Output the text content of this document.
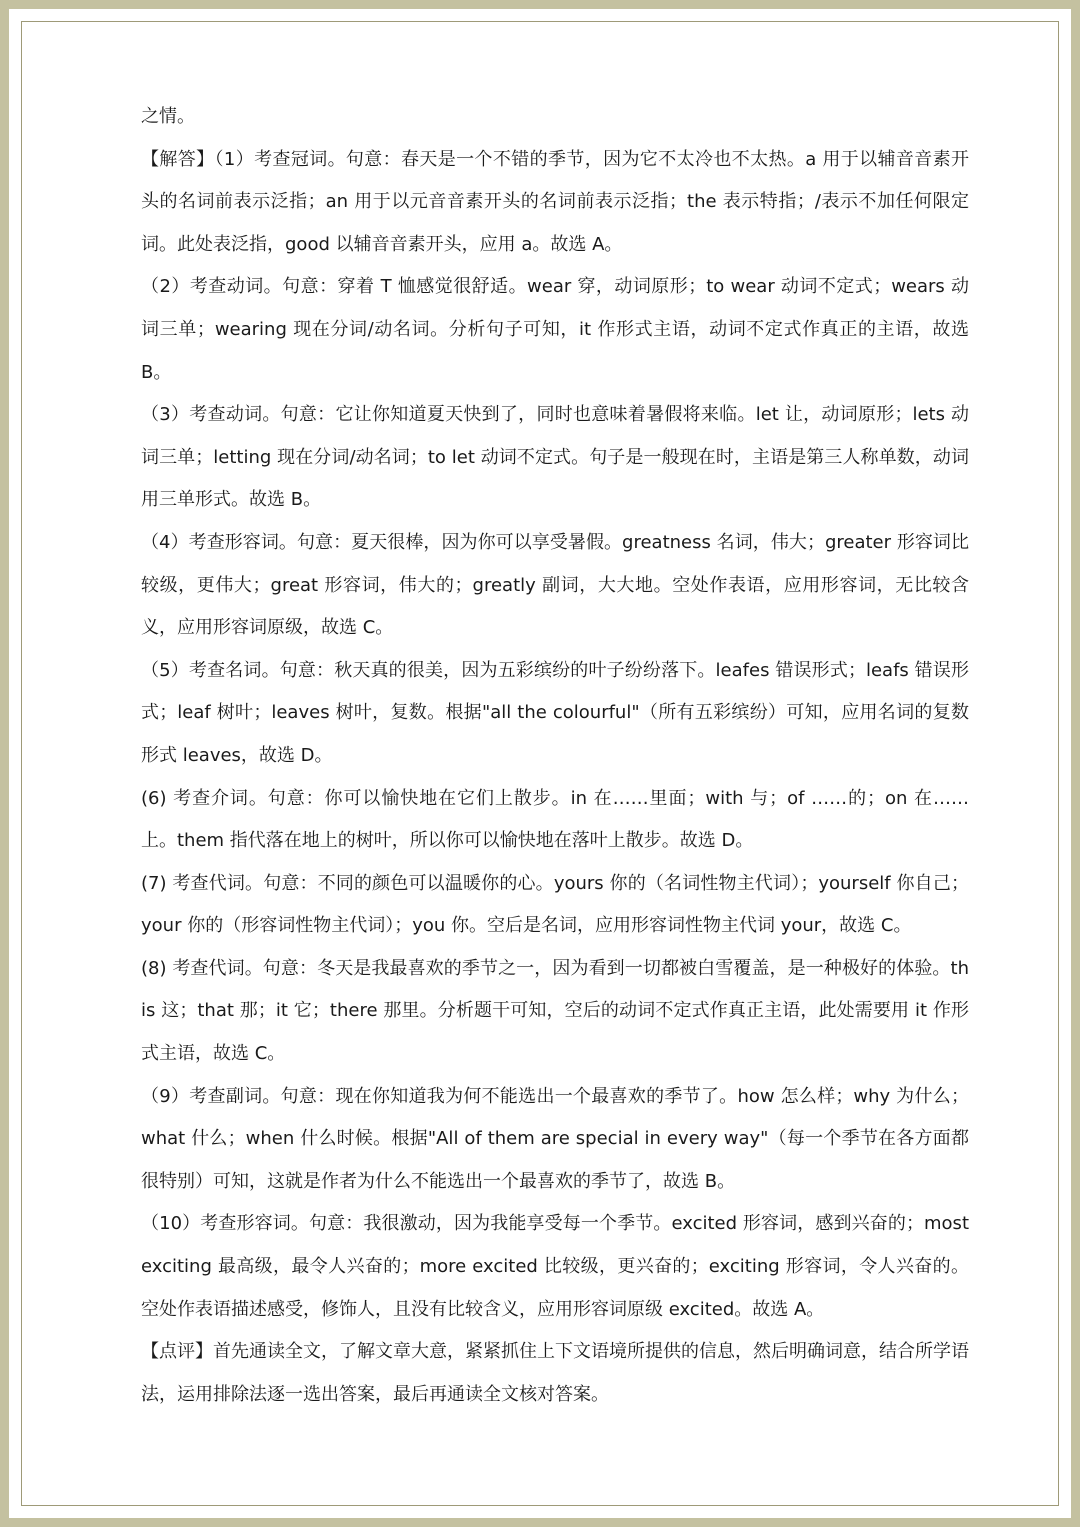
之情。

【解答】（1）考查冠词。句意：春天是一个不错的季节，因为它不太冷也不太热。a 用于以辅音音素开头的名词前表示泛指；an 用于以元音音素开头的名词前表示泛指；the 表示特指；/表示不加任何限定词。此处表泛指，good 以辅音音素开头，应用 a。故选 A。

（2）考查动词。句意：穿着 T 恤感觉很舒适。wear 穿，动词原形；to wear 动词不定式；wears 动词三单；wearing 现在分词/动名词。分析句子可知，it 作形式主语，动词不定式作真正的主语，故选 B。

（3）考查动词。句意：它让你知道夏天快到了，同时也意味着暑假将来临。let 让，动词原形；lets 动词三单；letting 现在分词/动名词；to let 动词不定式。句子是一般现在时，主语是第三人称单数，动词用三单形式。故选 B。

（4）考查形容词。句意：夏天很棒，因为你可以享受暑假。greatness 名词，伟大；greater 形容词比较级，更伟大；great 形容词，伟大的；greatly 副词，大大地。空处作表语，应用形容词，无比较含义，应用形容词原级，故选 C。

（5）考查名词。句意：秋天真的很美，因为五彩缤纷的叶子纷纷落下。leafes 错误形式；leafs 错误形式；leaf 树叶；leaves 树叶，复数。根据"all the colourful"（所有五彩缤纷）可知，应用名词的复数形式 leaves，故选 D。

(6) 考查介词。句意：你可以愉快地在它们上散步。in 在……里面；with 与；of ……的；on 在……上。them 指代落在地上的树叶，所以你可以愉快地在落叶上散步。故选 D。

(7) 考查代词。句意：不同的颜色可以温暖你的心。yours 你的（名词性物主代词）；yourself 你自己；your 你的（形容词性物主代词）；you 你。空后是名词，应用形容词性物主代词 your，故选 C。

(8) 考查代词。句意：冬天是我最喜欢的季节之一，因为看到一切都被白雪覆盖，是一种极好的体验。this 这；that 那；it 它；there 那里。分析题干可知，空后的动词不定式作真正主语，此处需要用 it 作形式主语，故选 C。

（9）考查副词。句意：现在你知道我为何不能选出一个最喜欢的季节了。how 怎么样；why 为什么；what 什么；when 什么时候。根据"All of them are special in every way"（每一个季节在各方面都很特别）可知，这就是作者为什么不能选出一个最喜欢的季节了，故选 B。

（10）考查形容词。句意：我很激动，因为我能享受每一个季节。excited 形容词，感到兴奋的；most exciting 最高级，最令人兴奋的；more excited 比较级，更兴奋的；exciting 形容词，令人兴奋的。空处作表语描述感受，修饰人，且没有比较含义，应用形容词原级 excited。故选 A。

【点评】首先通读全文，了解文章大意，紧紧抓住上下文语境所提供的信息，然后明确词意，结合所学语法，运用排除法逐一选出答案，最后再通读全文核对答案。
